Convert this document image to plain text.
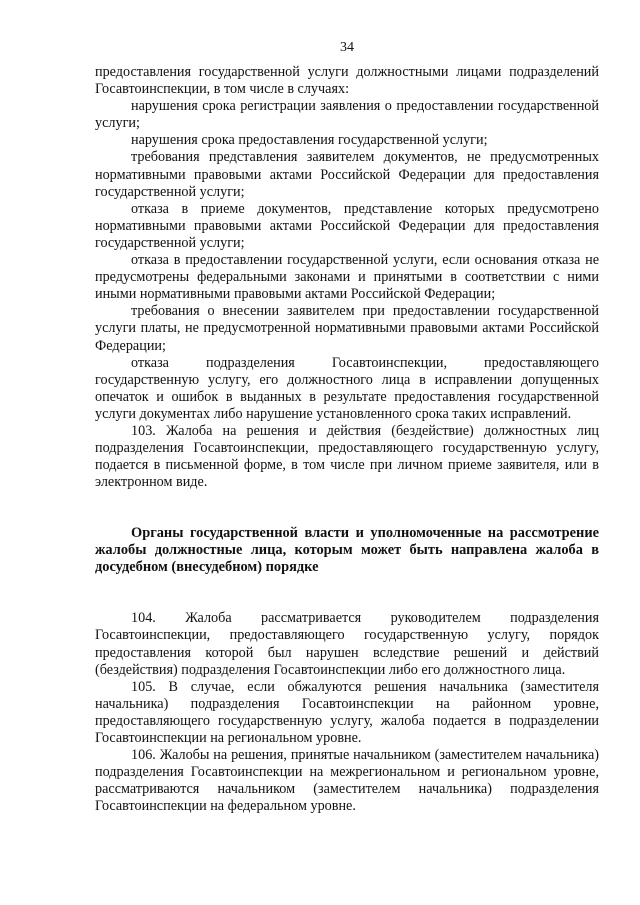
34

предоставления государственной услуги должностными лицами подразделений Госавтоинспекции, в том числе в случаях:

нарушения срока регистрации заявления о предоставлении государственной услуги;

нарушения срока предоставления государственной услуги;

требования представления заявителем документов, не предусмотренных нормативными правовыми актами Российской Федерации для предоставления государственной услуги;

отказа в приеме документов, представление которых предусмотрено нормативными правовыми актами Российской Федерации для предоставления государственной услуги;

отказа в предоставлении государственной услуги, если основания отказа не предусмотрены федеральными законами и принятыми в соответствии с ними иными нормативными правовыми актами Российской Федерации;

требования о внесении заявителем при предоставлении государственной услуги платы, не предусмотренной нормативными правовыми актами Российской Федерации;

отказа подразделения Госавтоинспекции, предоставляющего государственную услугу, его должностного лица в исправлении допущенных опечаток и ошибок в выданных в результате предоставления государственной услуги документах либо нарушение установленного срока таких исправлений.

103. Жалоба на решения и действия (бездействие) должностных лиц подразделения Госавтоинспекции, предоставляющего государственную услугу, подается в письменной форме, в том числе при личном приеме заявителя, или в электронном виде.

Органы государственной власти и уполномоченные на рассмотрение жалобы должностные лица, которым может быть направлена жалоба в досудебном (внесудебном) порядке

104. Жалоба рассматривается руководителем подразделения Госавтоинспекции, предоставляющего государственную услугу, порядок предоставления которой был нарушен вследствие решений и действий (бездействия) подразделения Госавтоинспекции либо его должностного лица.

105. В случае, если обжалуются решения начальника (заместителя начальника) подразделения Госавтоинспекции на районном уровне, предоставляющего государственную услугу, жалоба подается в подразделении Госавтоинспекции на региональном уровне.

106. Жалобы на решения, принятые начальником (заместителем начальника) подразделения Госавтоинспекции на межрегиональном и региональном уровне, рассматриваются начальником (заместителем начальника) подразделения Госавтоинспекции на федеральном уровне.
